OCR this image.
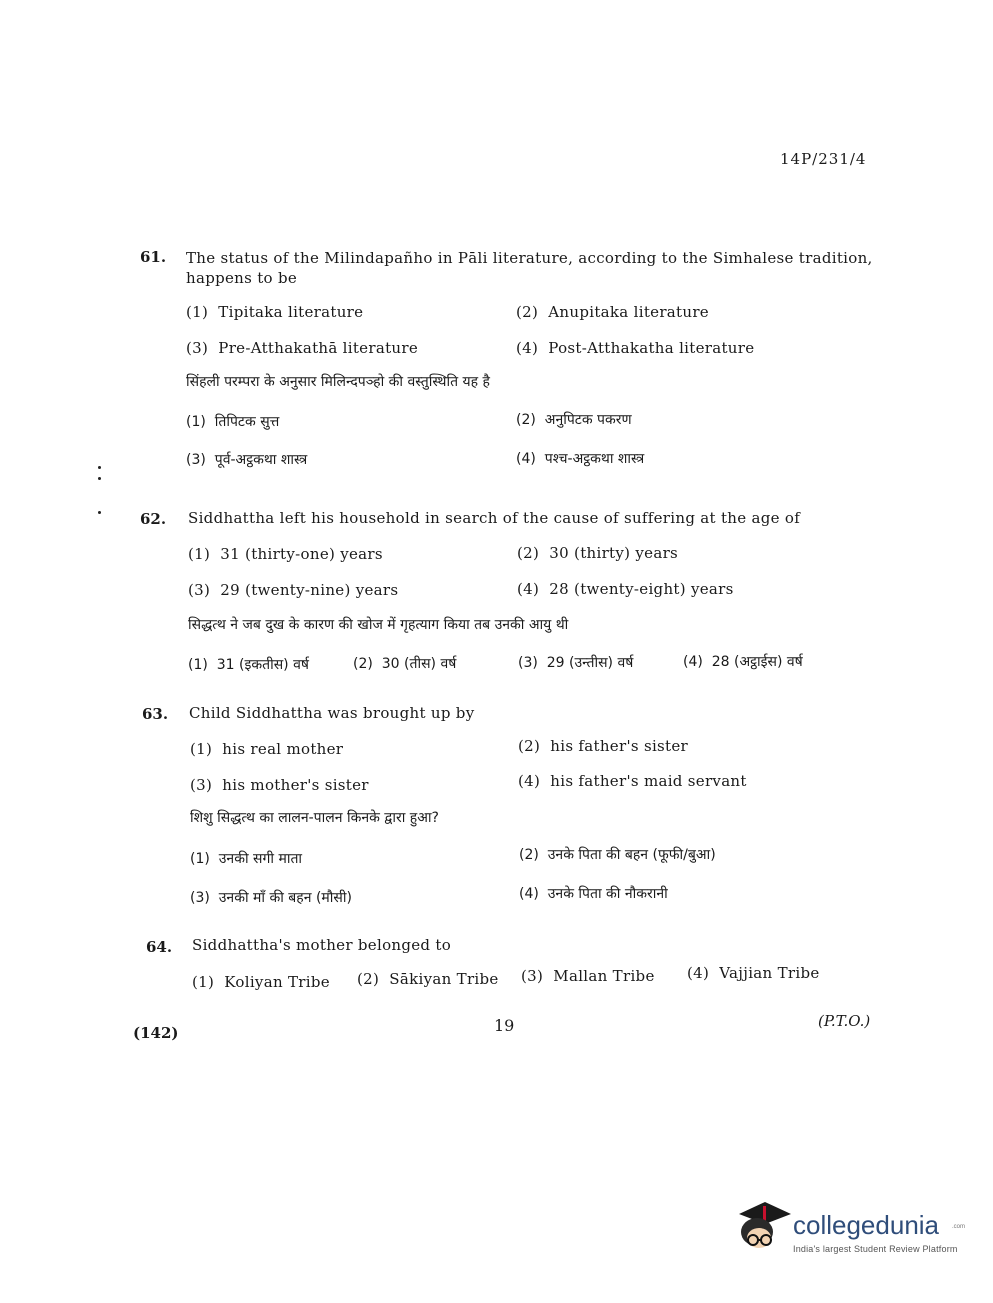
14P/231/4
61. The status of the Milindapañho in Pāli literature, according to the Simhalese tradition,
happens to be
(1) Tipitaka literature	(2) Anupitaka literature
(3) Pre-Atthakathā literature	(4) Post-Atthakatha literature
सिंहली परम्परा के अनुसार मिलिन्दपञ्हो की वस्तुस्थिति यह है
(1) तिपिटक सुत्त	(2) अनुपिटक पकरण
(3) पूर्व-अट्ठकथा शास्त्र	(4) पश्च-अट्ठकथा शास्त्र
62. Siddhattha left his household in search of the cause of suffering at the age of
(1) 31 (thirty-one) years	(2) 30 (thirty) years
(3) 29 (twenty-nine) years	(4) 28 (twenty-eight) years
सिद्धत्थ ने जब दुख के कारण की खोज में गृहत्याग किया तब उनकी आयु थी
(1) 31 (इकतीस) वर्ष	(2) 30 (तीस) वर्ष	(3) 29 (उन्तीस) वर्ष	(4) 28 (अट्ठाईस) वर्ष
63. Child Siddhattha was brought up by
(1) his real mother	(2) his father's sister
(3) his mother's sister	(4) his father's maid servant
शिशु सिद्धत्थ का लालन-पालन किनके द्वारा हुआ?
(1) उनकी सगी माता	(2) उनके पिता की बहन (फूफी/बुआ)
(3) उनकी माँ की बहन (मौसी)	(4) उनके पिता की नौकरानी
64. Siddhattha's mother belonged to
(1) Koliyan Tribe (2) Sākiyan Tribe (3) Mallan Tribe (4) Vajjian Tribe
(142)	19	(P.T.O.)
collegedunia .com
India's largest Student Review Platform
